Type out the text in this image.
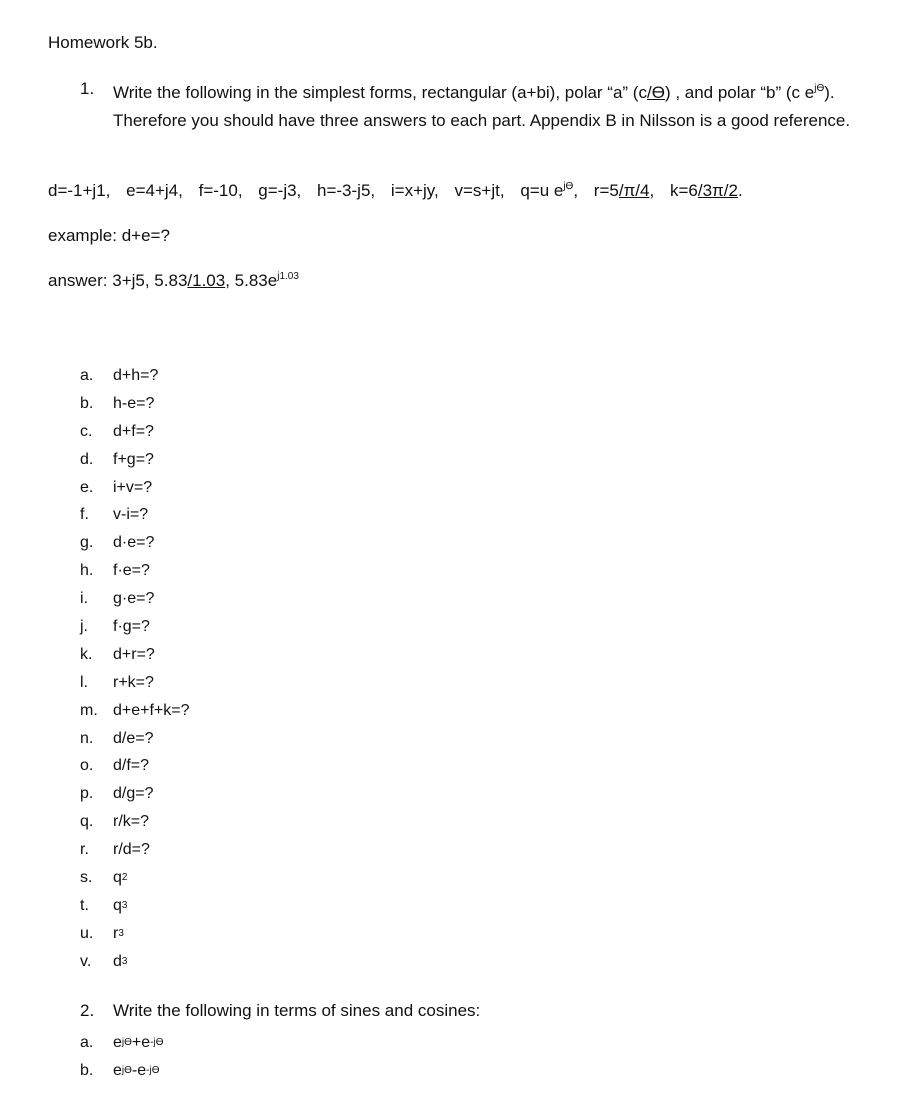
Homework 5b.
1. Write the following in the simplest forms, rectangular (a+bi), polar “a” (c/Ɵ) , and polar “b” (c $e^{jƟ}$). Therefore you should have three answers to each part. Appendix B in Nilsson is a good reference.
d=-1+j1, e=4+j4, f=-10, g=-j3, h=-3-j5, i=x+jy, v=s+jt, q=u $e^{jƟ}$, r=5/π/4, k=6/3π/2.
example: d+e=?
answer: 3+j5, 5.83/1.03, $5.83e^{j1.03}$
a.	d+h=?
b.	h-e=?
c.	d+f=?
d.	f+g=?
e.	i+v=?
f.	v-i=?
g.	d·e=?
h.	f·e=?
i.	g·e=?
j.	f·g=?
k.	d+r=?
l.	r+k=?
m. d+e+f+k=?
n.	d/e=?
o.	d/f=?
p.	d/g=?
q.	r/k=?
r.	r/d=?
s.	q 2
t.	q 3
u.	r 3
v.	d 3
2. Write the following in terms of sines and cosines:
a.	e jƟ +e -jƟ
b.	e jƟ -e -jƟ
